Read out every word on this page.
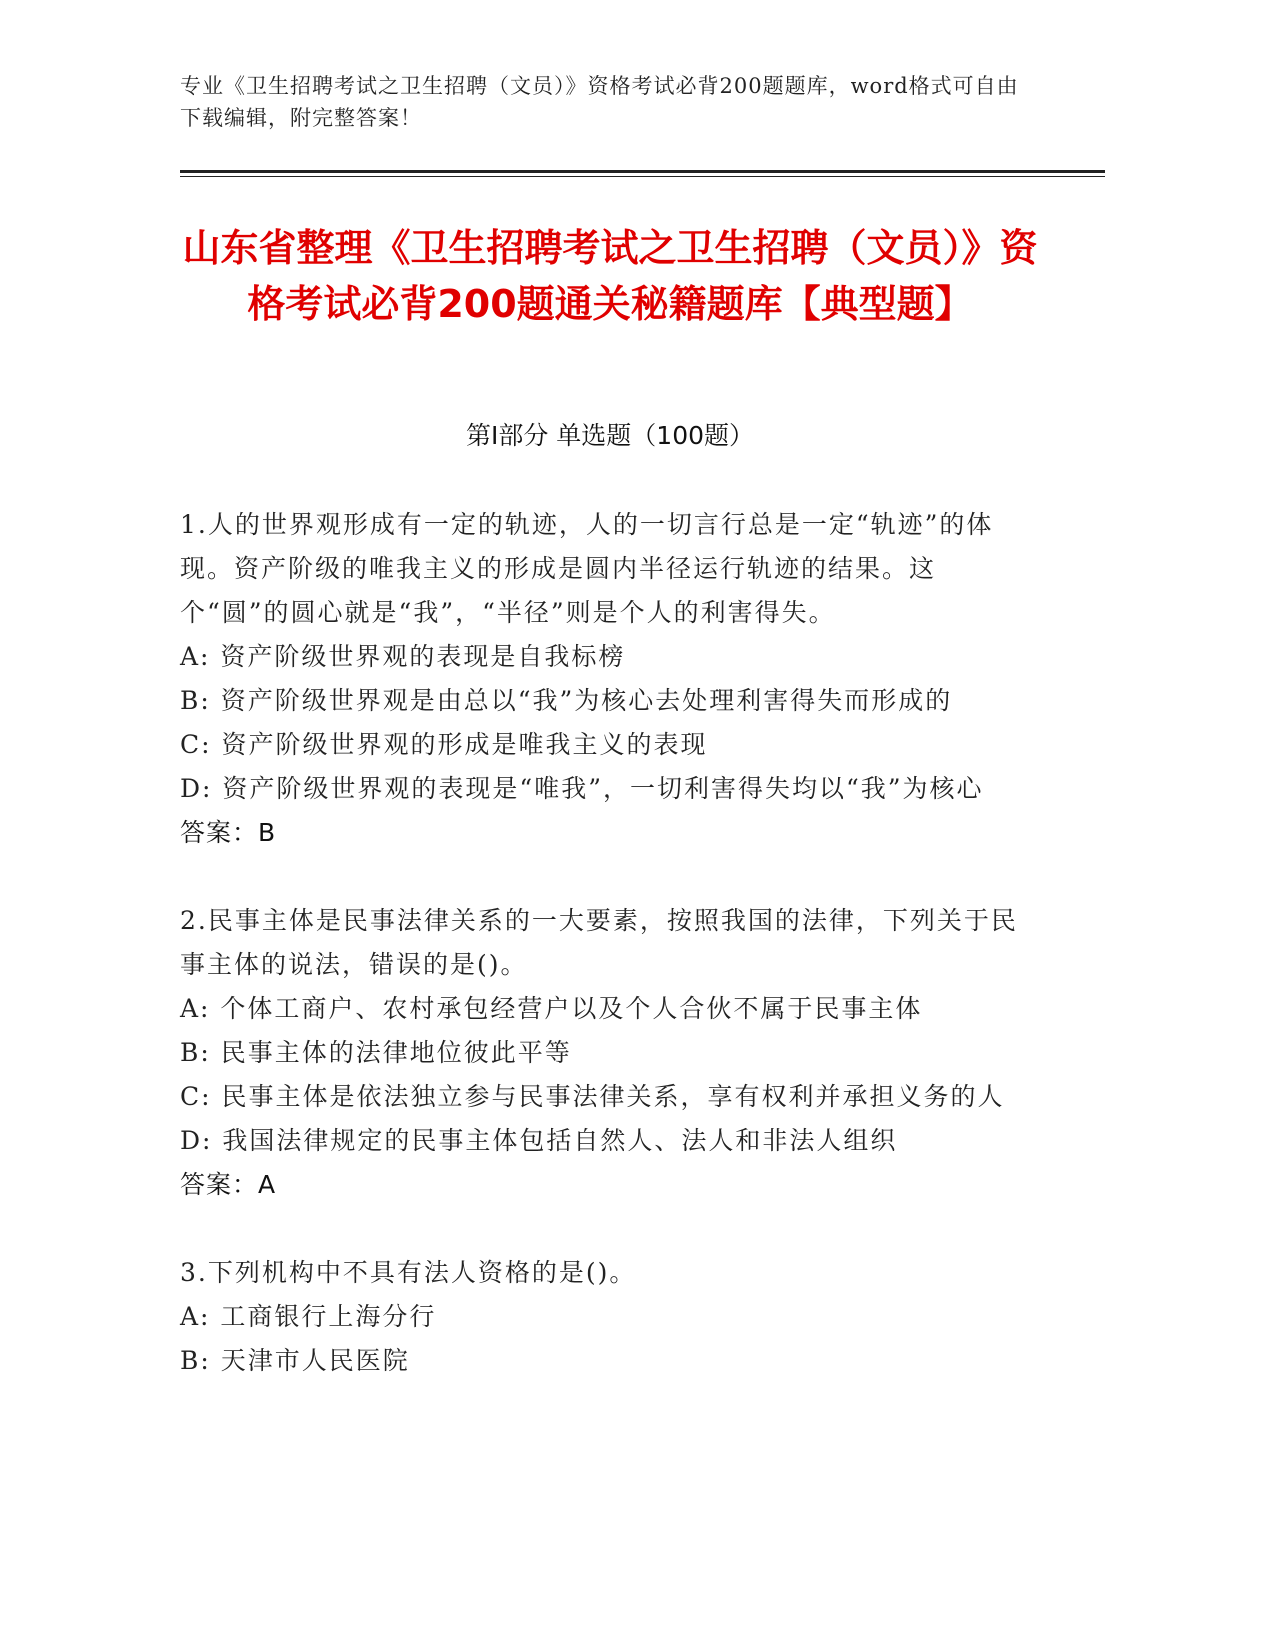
专业《卫生招聘考试之卫生招聘（文员）》资格考试必背200题题库，word格式可自由下载编辑，附完整答案！
山东省整理《卫生招聘考试之卫生招聘（文员）》资格考试必背200题通关秘籍题库【典型题】
第I部分 单选题（100题）

1.人的世界观形成有一定的轨迹，人的一切言行总是一定“轨迹”的体现。资产阶级的唯我主义的形成是圆内半径运行轨迹的结果。这个“圆”的圆心就是“我”，“半径”则是个人的利害得失。

A: 资产阶级世界观的表现是自我标榜

B: 资产阶级世界观是由总以“我”为核心去处理利害得失而形成的

C: 资产阶级世界观的形成是唯我主义的表现

D: 资产阶级世界观的表现是“唯我”，一切利害得失均以“我”为核心

答案：B

2.民事主体是民事法律关系的一大要素，按照我国的法律，下列关于民事主体的说法，错误的是()。

A: 个体工商户、农村承包经营户以及个人合伙不属于民事主体

B: 民事主体的法律地位彼此平等

C: 民事主体是依法独立参与民事法律关系，享有权利并承担义务的人

D: 我国法律规定的民事主体包括自然人、法人和非法人组织

答案：A

3.下列机构中不具有法人资格的是()。

A: 工商银行上海分行

B: 天津市人民医院
